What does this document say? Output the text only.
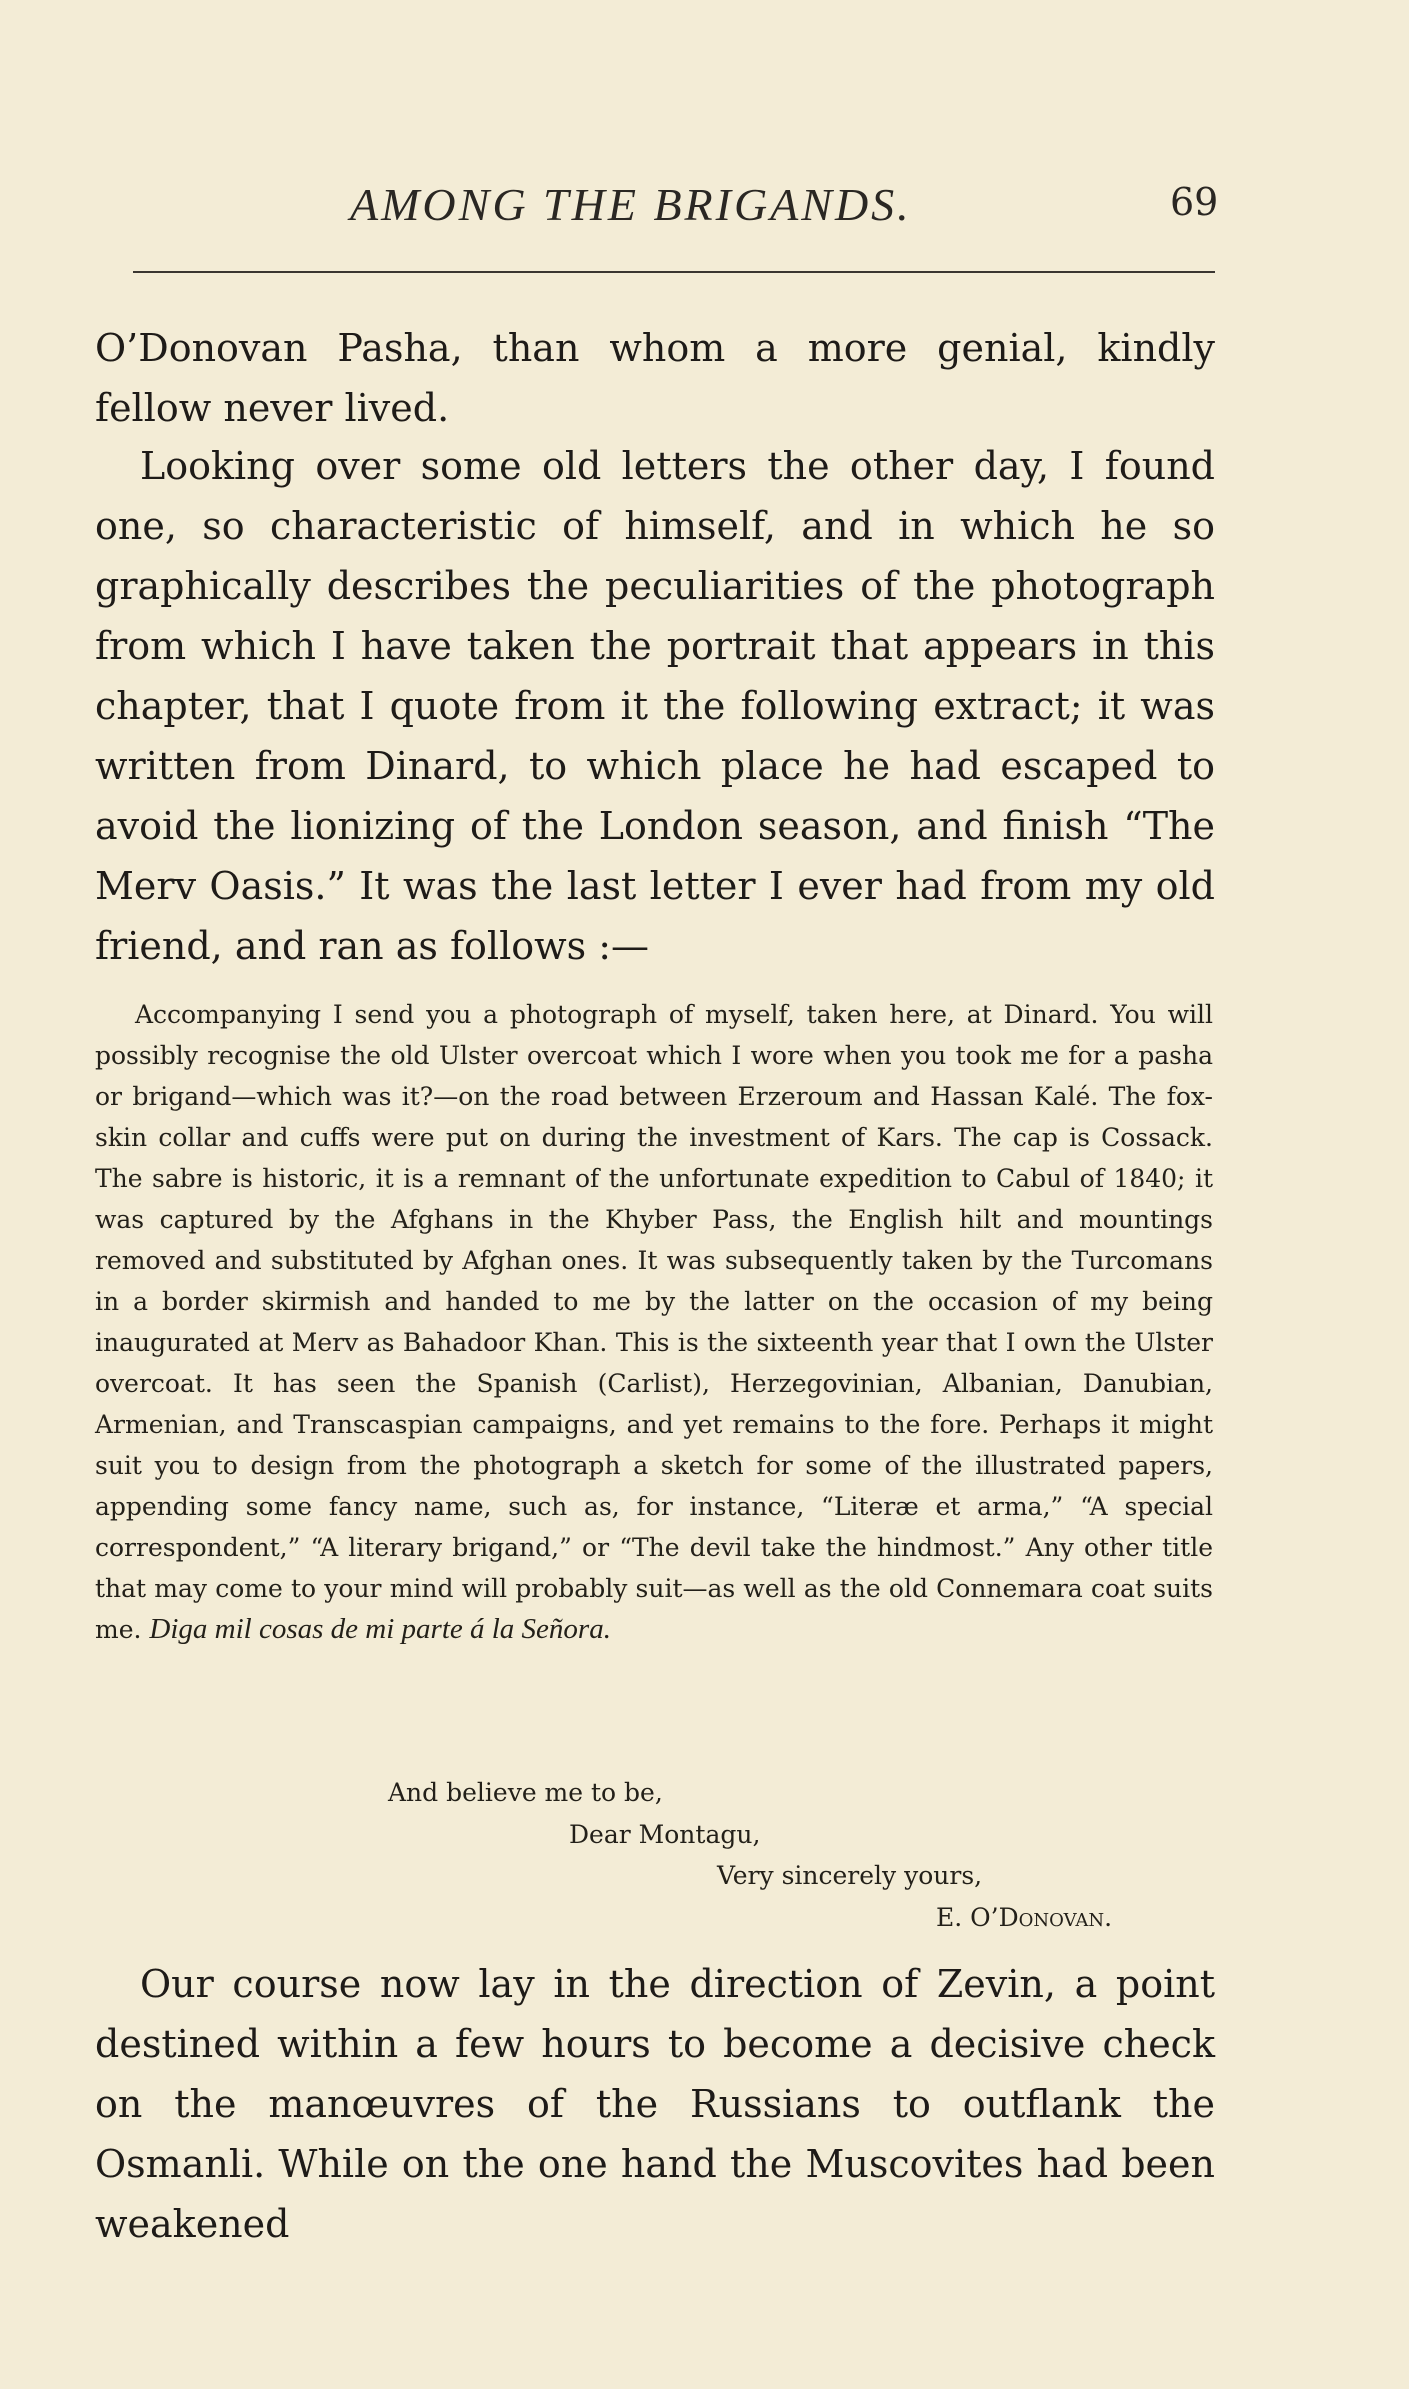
AMONG THE BRIGANDS.	69

O’Donovan Pasha, than whom a more genial, kindly fellow never lived.

Looking over some old letters the other day, I found one, so characteristic of himself, and in which he so graphically describes the peculiarities of the photograph from which I have taken the portrait that appears in this chapter, that I quote from it the following extract; it was written from Dinard, to which place he had escaped to avoid the lionizing of the London season, and finish “The Merv Oasis.” It was the last letter I ever had from my old friend, and ran as follows :—

Accompanying I send you a photograph of myself, taken here, at Dinard. You will possibly recognise the old Ulster overcoat which I wore when you took me for a pasha or brigand—which was it?—on the road between Erzeroum and Hassan Kalé. The fox-skin collar and cuffs were put on during the investment of Kars. The cap is Cossack. The sabre is historic, it is a remnant of the unfortunate expedition to Cabul of 1840; it was captured by the Afghans in the Khyber Pass, the English hilt and mountings removed and substituted by Afghan ones. It was subsequently taken by the Turcomans in a border skirmish and handed to me by the latter on the occasion of my being inaugurated at Merv as Bahadoor Khan. This is the sixteenth year that I own the Ulster overcoat. It has seen the Spanish (Carlist), Herzegovinian, Albanian, Danubian, Armenian, and Transcaspian campaigns, and yet remains to the fore. Perhaps it might suit you to design from the photograph a sketch for some of the illustrated papers, appending some fancy name, such as, for instance, “Literæ et arma,” “A special correspondent,” “A literary brigand,” or “The devil take the hindmost.” Any other title that may come to your mind will probably suit—as well as the old Connemara coat suits me. Diga mil cosas de mi parte á la Señora.
And believe me to be,
Dear Montagu,
Very sincerely yours,
E. O’Donovan.

Our course now lay in the direction of Zevin, a point destined within a few hours to become a decisive check on the manœuvres of the Russians to outflank the Osmanli. While on the one hand the Muscovites had been weakened
